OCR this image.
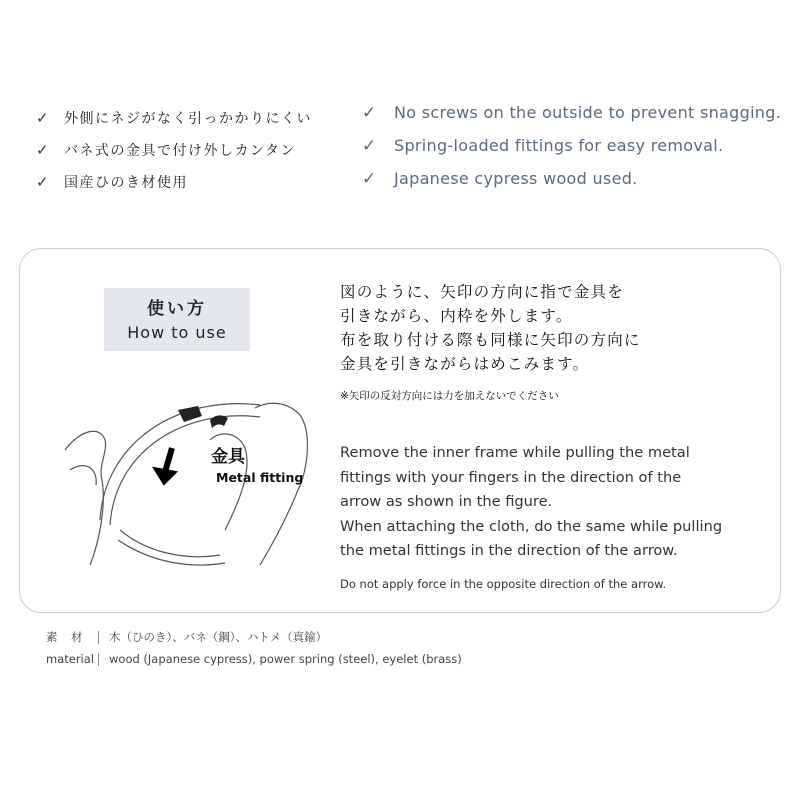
✓ 外側にネジがなく引っかかりにくい
✓ バネ式の金具で付け外しカンタン
✓ 国産ひのき材使用
✓ No screws on the outside to prevent snagging.
✓ Spring-loaded fittings for easy removal.
✓ Japanese cypress wood used.
使い方
How to use
金具
Metal fitting
図のように、矢印の方向に指で金具を
引きながら、内枠を外します。
布を取り付ける際も同様に矢印の方向に
金具を引きながらはめこみます。
※矢印の反対方向には力を加えないでください
Remove the inner frame while pulling the metal
fittings with your fingers in the direction of the
arrow as shown in the figure.
When attaching the cloth, do the same while pulling
the metal fittings in the direction of the arrow.
Do not apply force in the opposite direction of the arrow.
素 材	木（ひのき）、バネ（鋼）、ハトメ（真鍮）
material	wood (Japanese cypress), power spring (steel), eyelet (brass)
